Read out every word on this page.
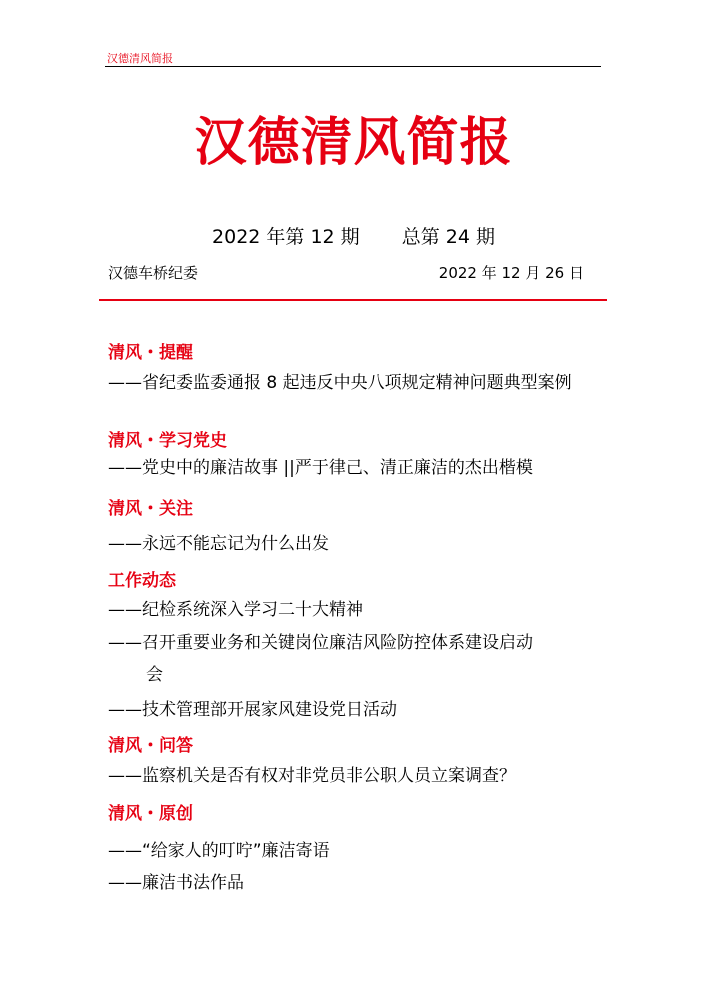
汉德清风简报
汉德清风简报
2022 年第 12 期 总第 24 期
汉德车桥纪委	2022 年 12 月 26 日
清风・提醒
——省纪委监委通报 8 起违反中央八项规定精神问题典型案例
清风・学习党史
——党史中的廉洁故事 ||严于律己、清正廉洁的杰出楷模
清风・关注
——永远不能忘记为什么出发
工作动态
——纪检系统深入学习二十大精神
——召开重要业务和关键岗位廉洁风险防控体系建设启动
会
——技术管理部开展家风建设党日活动
清风・问答
——监察机关是否有权对非党员非公职人员立案调查？
清风・原创
——“给家人的叮咛”廉洁寄语
——廉洁书法作品
